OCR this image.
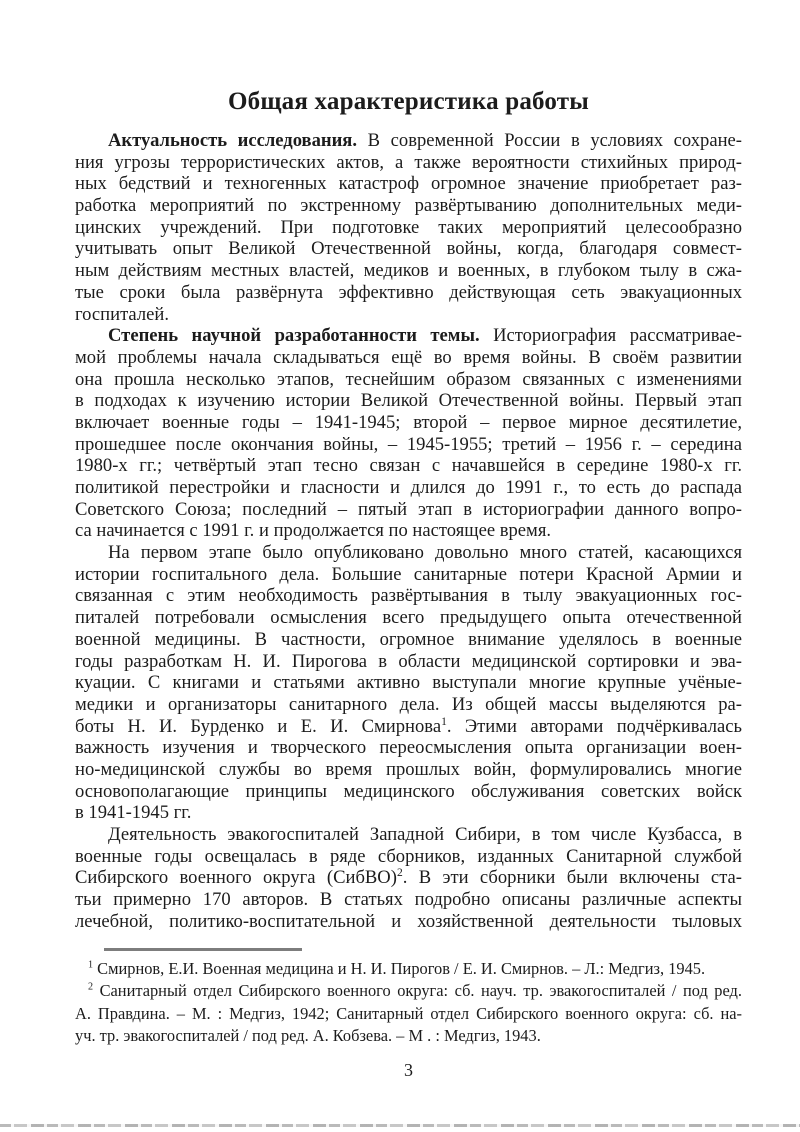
Общая характеристика работы
Актуальность исследования. В современной России в условиях сохране-
ния угрозы террористических актов, а также вероятности стихийных природ-
ных бедствий и техногенных катастроф огромное значение приобретает раз-
работка мероприятий по экстренному развёртыванию дополнительных меди-
цинских учреждений. При подготовке таких мероприятий целесообразно
учитывать опыт Великой Отечественной войны, когда, благодаря совмест-
ным действиям местных властей, медиков и военных, в глубоком тылу в сжа-
тые сроки была развёрнута эффективно действующая сеть эвакуационных
госпиталей.
Степень научной разработанности темы. Историография рассматривае-
мой проблемы начала складываться ещё во время войны. В своём развитии
она прошла несколько этапов, теснейшим образом связанных с изменениями
в подходах к изучению истории Великой Отечественной войны. Первый этап
включает военные годы – 1941-1945; второй – первое мирное десятилетие,
прошедшее после окончания войны, – 1945-1955; третий – 1956 г. – середина
1980-х гг.; четвёртый этап тесно связан с начавшейся в середине 1980-х гг.
политикой перестройки и гласности и длился до 1991 г., то есть до распада
Советского Союза; последний – пятый этап в историографии данного вопро-
са начинается с 1991 г. и продолжается по настоящее время.
На первом этапе было опубликовано довольно много статей, касающихся
истории госпитального дела. Большие санитарные потери Красной Армии и
связанная с этим необходимость развёртывания в тылу эвакуационных гос-
питалей потребовали осмысления всего предыдущего опыта отечественной
военной медицины. В частности, огромное внимание уделялось в военные
годы разработкам Н. И. Пирогова в области медицинской сортировки и эва-
куации. С книгами и статьями активно выступали многие крупные учёные-
медики и организаторы санитарного дела. Из общей массы выделяются ра-
боты Н. И. Бурденко и Е. И. Смирнова$^1$. Этими авторами подчёркивалась
важность изучения и творческого переосмысления опыта организации воен-
но-медицинской службы во время прошлых войн, формулировались многие
основополагающие принципы медицинского обслуживания советских войск
в 1941-1945 гг.
Деятельность эвакогоспиталей Западной Сибири, в том числе Кузбасса, в
военные годы освещалась в ряде сборников, изданных Санитарной службой
Сибирского военного округа (СибВО)$^2$. В эти сборники были включены ста-
тьи примерно 170 авторов. В статьях подробно описаны различные аспекты
лечебной, политико-воспитательной и хозяйственной деятельности тыловых
$^1$ Смирнов, Е.И. Военная медицина и Н. И. Пирогов / Е. И. Смирнов. – Л.: Медгиз, 1945.
$^2$ Санитарный отдел Сибирского военного округа: сб. науч. тр. эвакогоспиталей / под ред.
А. Правдина. – М. : Медгиз, 1942; Санитарный отдел Сибирского военного округа: сб. на-
уч. тр. эвакогоспиталей / под ред. А. Кобзева. – М . : Медгиз, 1943.
3
